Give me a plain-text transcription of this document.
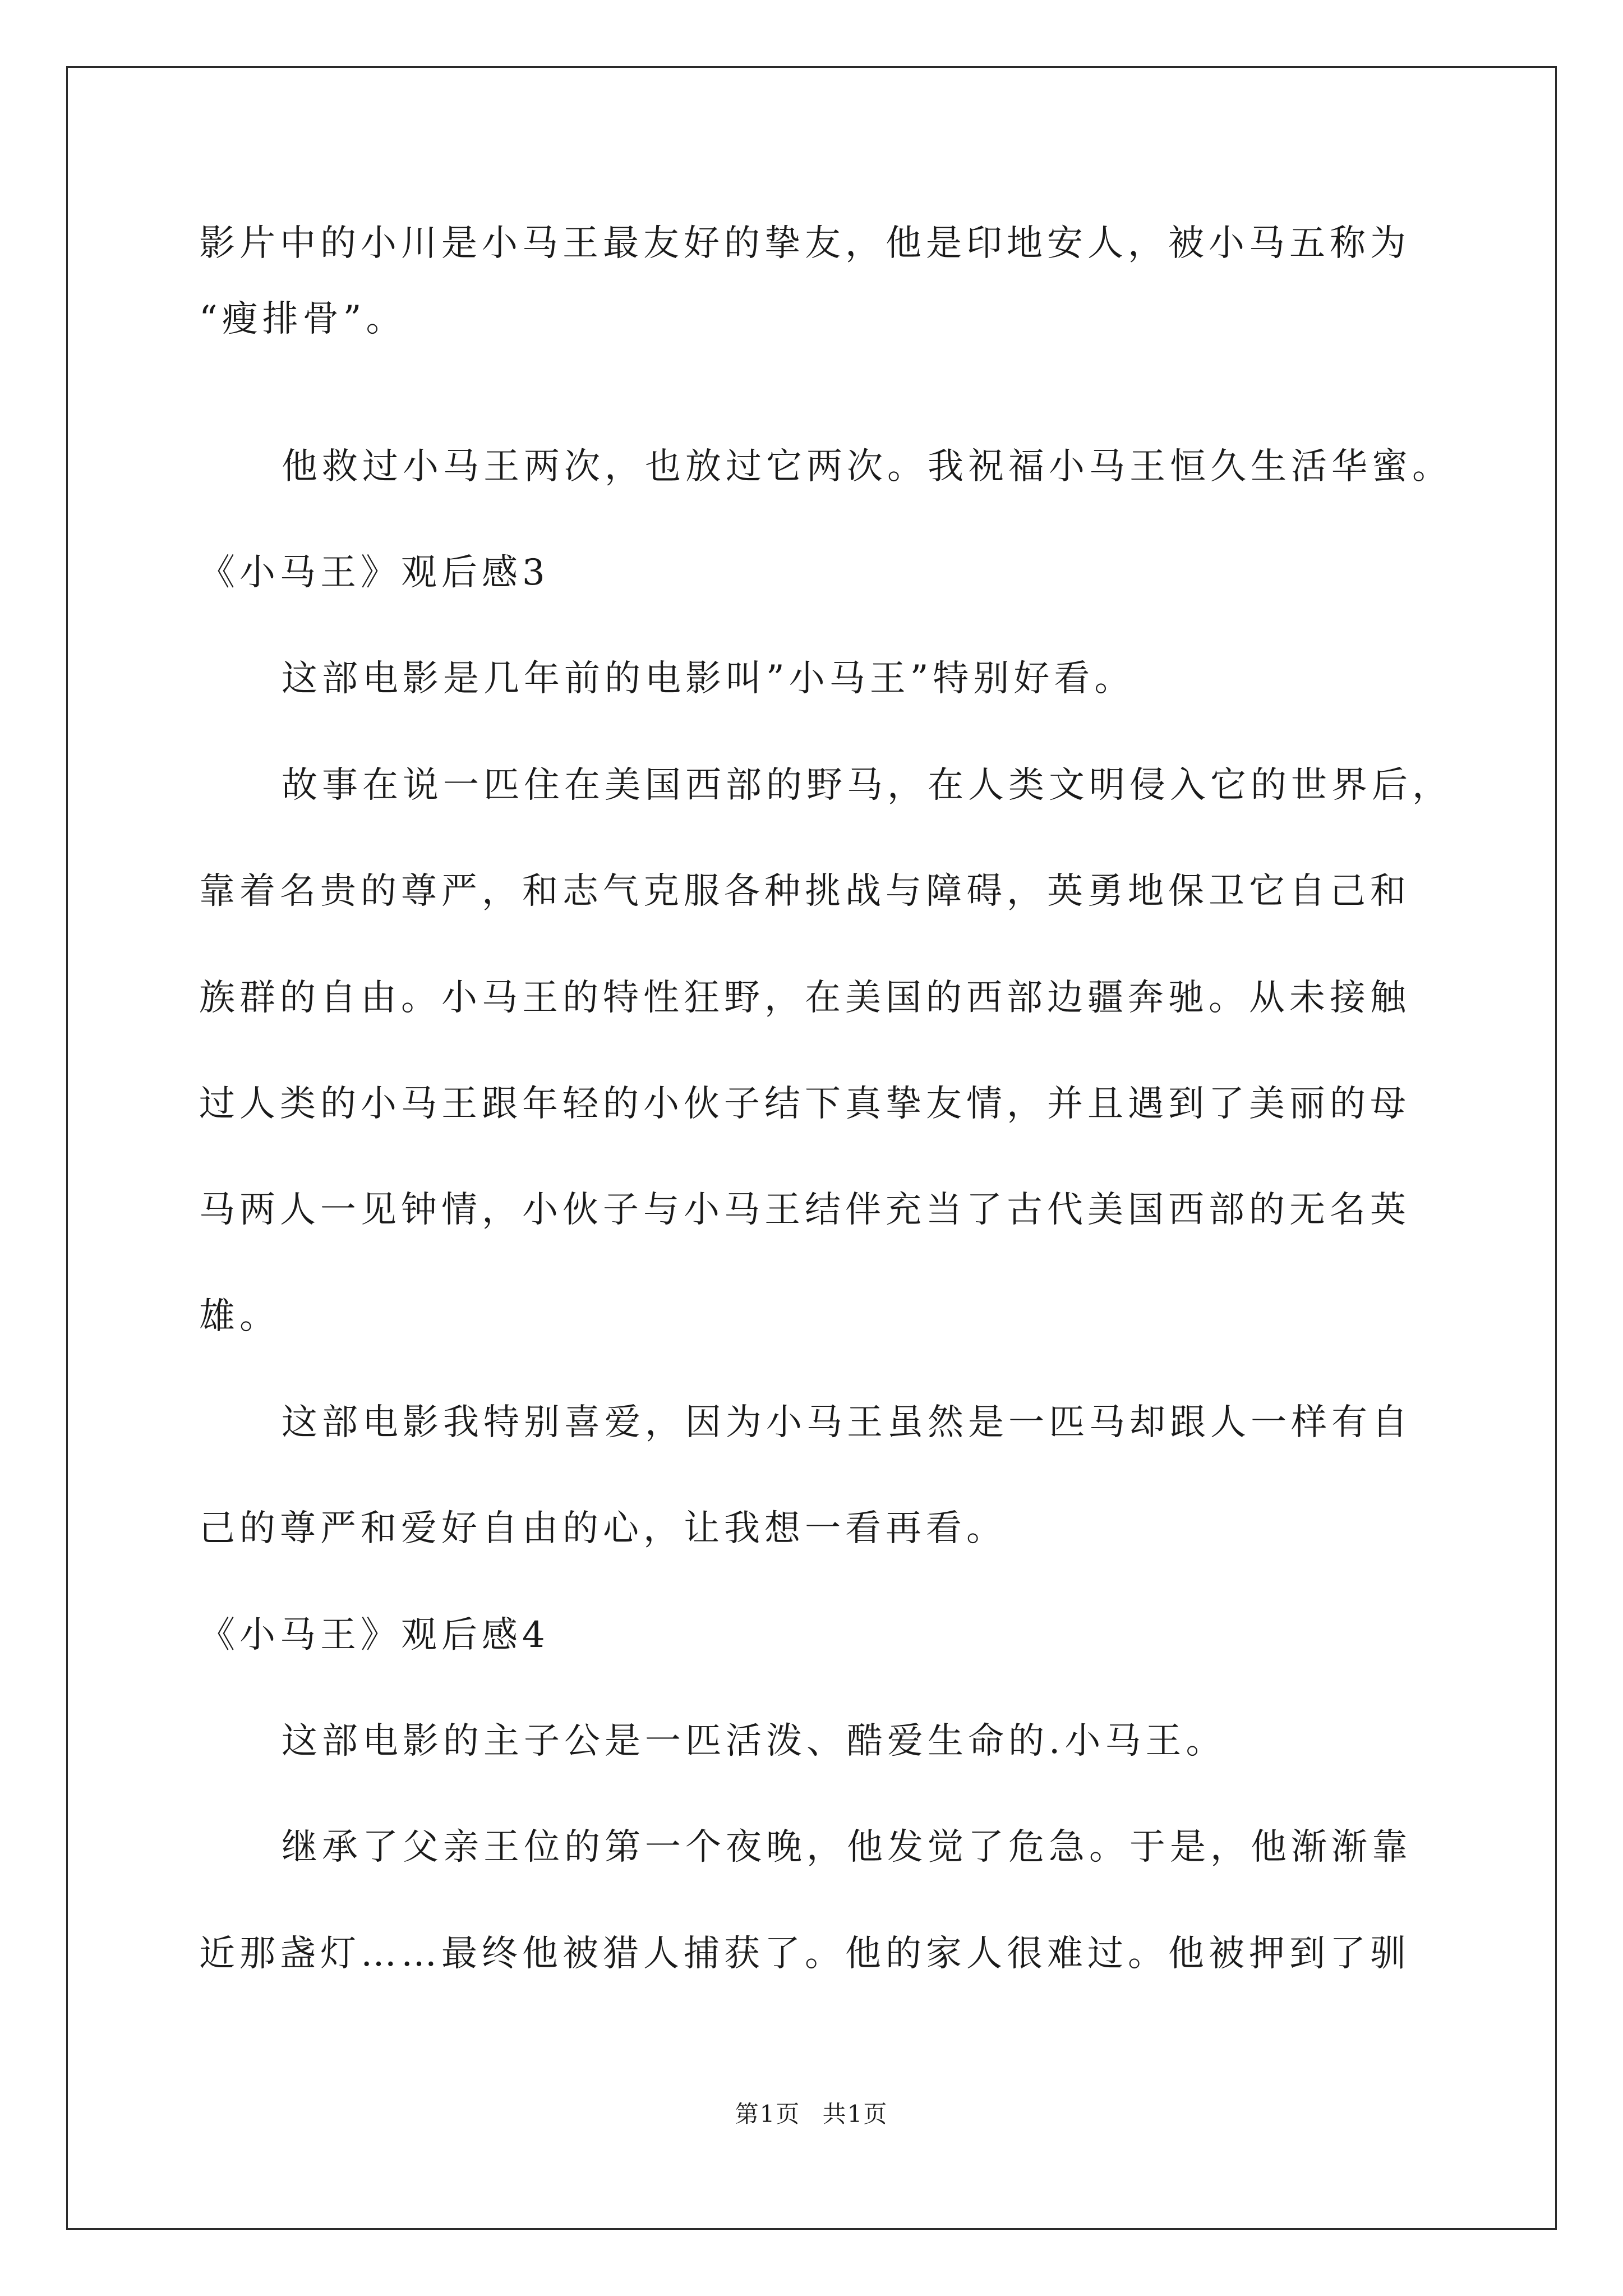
影片中的小川是小马王最友好的挚友，他是印地安人，被小马五称为
“瘦排骨”。
他救过小马王两次，也放过它两次。我祝福小马王恒久生活华蜜。
《小马王》观后感3
这部电影是几年前的电影叫”小马王”特别好看。
故事在说一匹住在美国西部的野马，在人类文明侵入它的世界后，
靠着名贵的尊严，和志气克服各种挑战与障碍，英勇地保卫它自己和
族群的自由。小马王的特性狂野，在美国的西部边疆奔驰。从未接触
过人类的小马王跟年轻的小伙子结下真挚友情，并且遇到了美丽的母
马两人一见钟情，小伙子与小马王结伴充当了古代美国西部的无名英
雄。
这部电影我特别喜爱，因为小马王虽然是一匹马却跟人一样有自
己的尊严和爱好自由的心，让我想一看再看。
《小马王》观后感4
这部电影的主子公是一匹活泼、酷爱生命的.小马王。
继承了父亲王位的第一个夜晚，他发觉了危急。于是，他渐渐靠
近那盏灯……最终他被猎人捕获了。他的家人很难过。他被押到了驯
第1页 共1页
